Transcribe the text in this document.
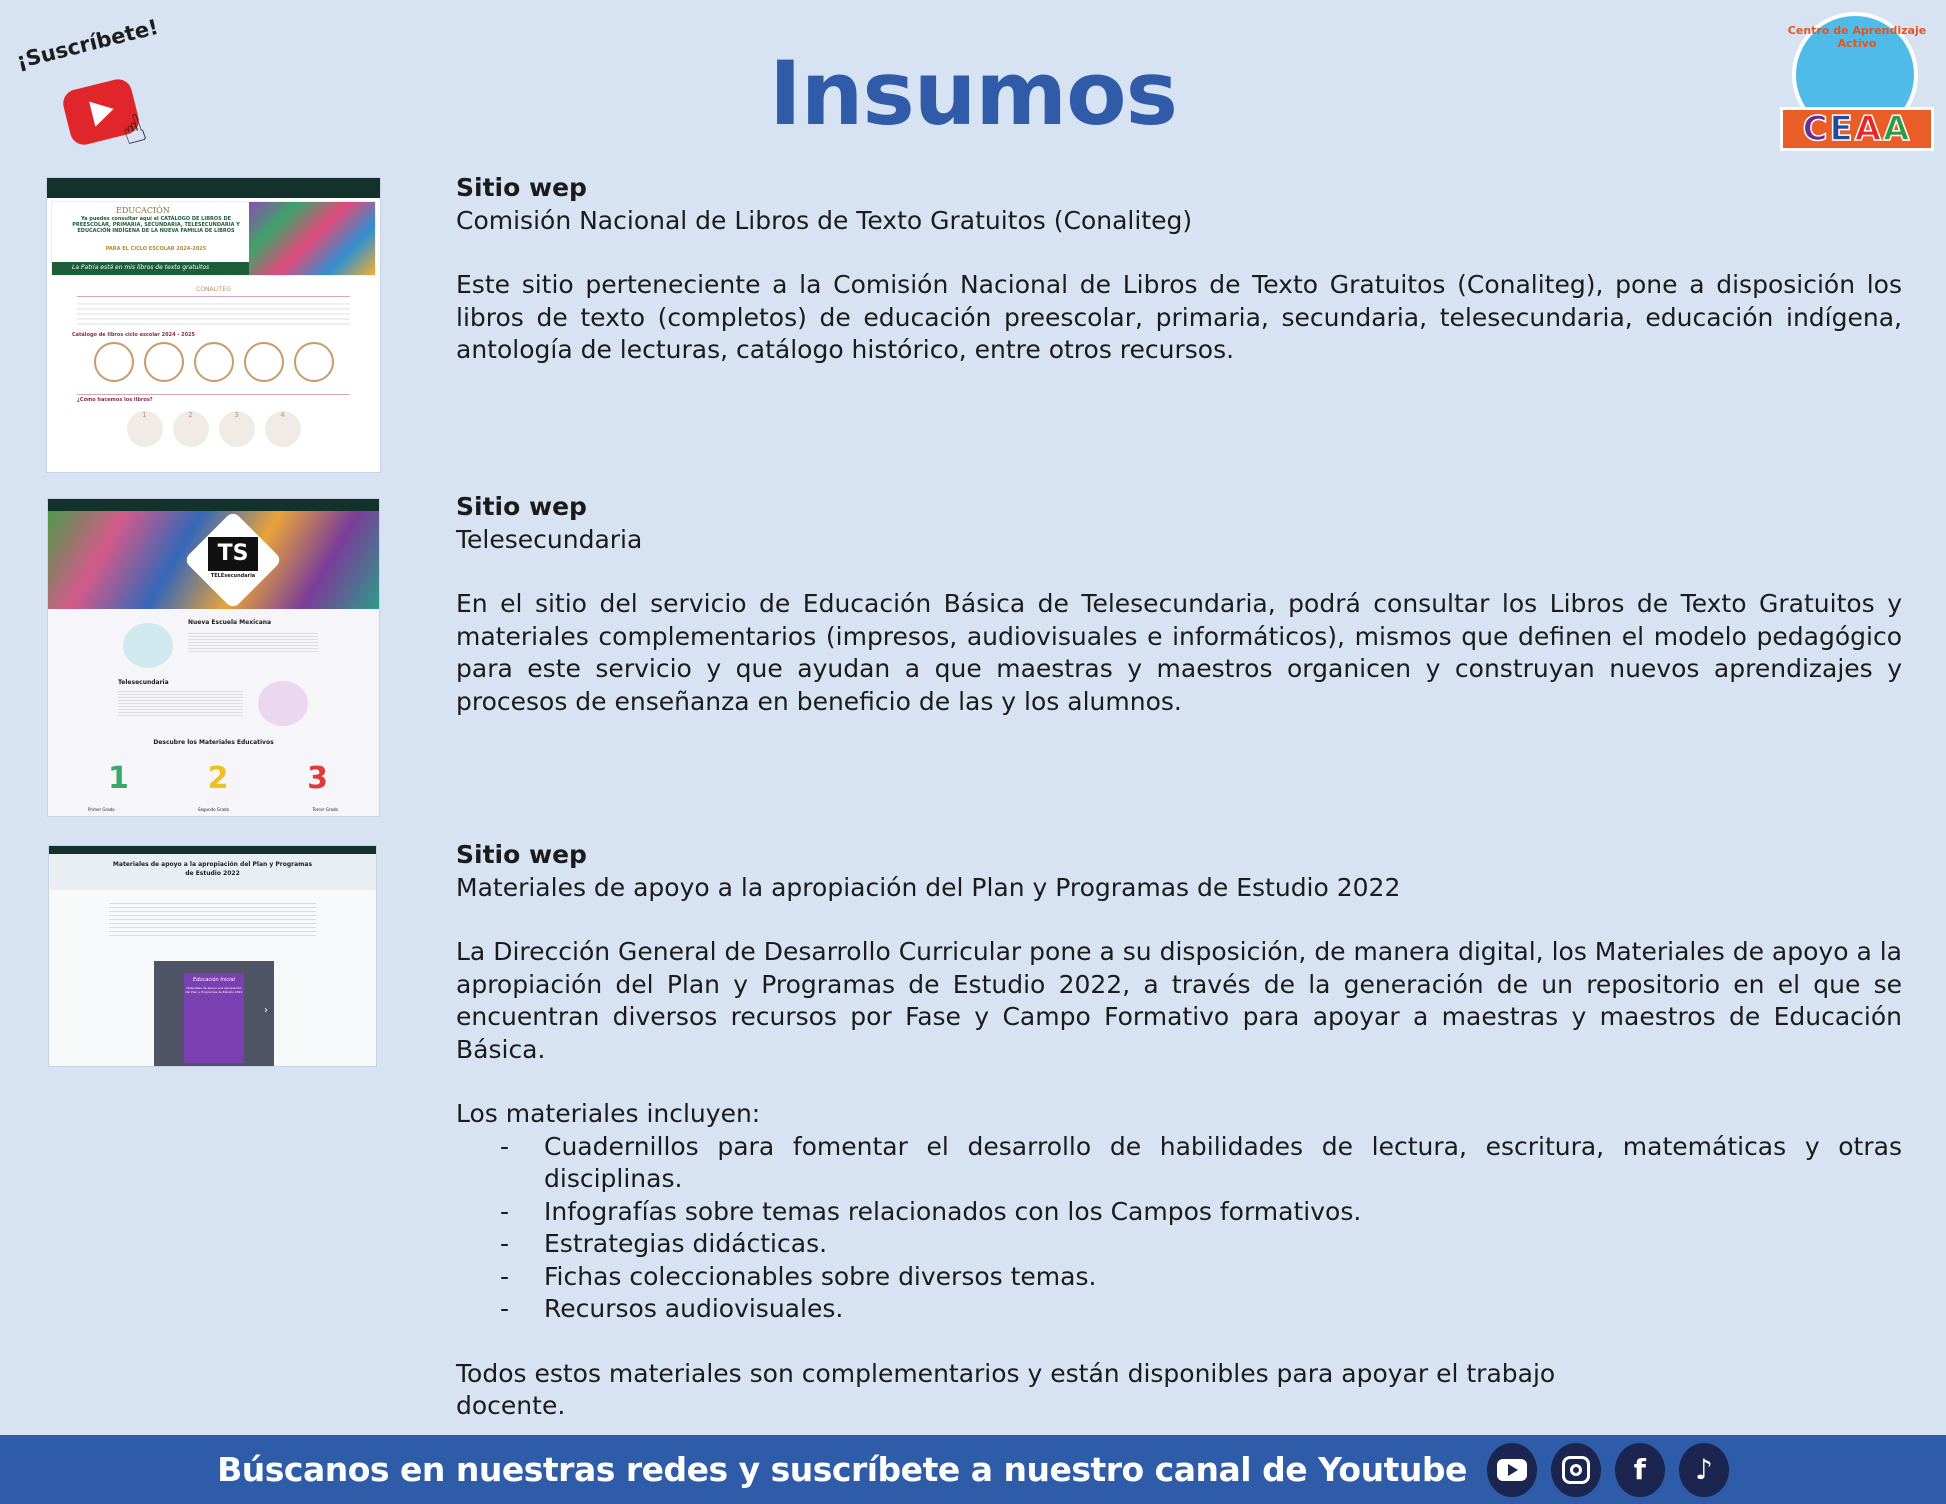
¡Suscríbete!
☝	Insumos
Centro de Aprendizaje Activo
CEAA
EDUCACIÓN
Ya puedes consultar aquí el CATÁLOGO DE LIBROS DE PREESCOLAR, PRIMARIA, SECUNDARIA, TELESECUNDARIA Y EDUCACIÓN INDÍGENA DE LA NUEVA FAMILIA DE LIBROS
PARA EL CICLO ESCOLAR 2024-2025
La Patria está en mis libros de texto gratuitos
CONALITEG
Catálogo de libros ciclo escolar 2024 - 2025
¿Cómo hacemos los libros?
1	2	3	4
TS
TELEsecundaria
Nueva Escuela Mexicana
Telesecundaria
Descubre los Materiales Educativos
1	2	3
Primer Grado	Segundo Grado	Tercer Grado
Materiales de apoyo a la apropiación del Plan y Programas de Estudio 2022
Educación Inicial
Materiales de apoyo a la apropiación del Plan y Programas de Estudio 2022
›
Sitio wep
Comisión Nacional de Libros de Texto Gratuitos (Conaliteg)

Este sitio perteneciente a la Comisión Nacional de Libros de Texto Gratuitos (Conaliteg), pone a disposición los libros de texto (completos) de educación preescolar, primaria, secundaria, telesecundaria, educación indígena, antología de lecturas, catálogo histórico, entre otros recursos.

Sitio wep
Telesecundaria

En el sitio del servicio de Educación Básica de Telesecundaria, podrá consultar los Libros de Texto Gratuitos y materiales complementarios (impresos, audiovisuales e informáticos), mismos que definen el modelo pedagógico para este servicio y que ayudan a que maestras y maestros organicen y construyan nuevos aprendizajes y procesos de enseñanza en beneficio de las y los alumnos.

Sitio wep
Materiales de apoyo a la apropiación del Plan y Programas de Estudio 2022

La Dirección General de Desarrollo Curricular pone a su disposición, de manera digital, los Materiales de apoyo a la apropiación del Plan y Programas de Estudio 2022, a través de la generación de un repositorio en el que se encuentran diversos recursos por Fase y Campo Formativo para apoyar a maestras y maestros de Educación Básica.

Los materiales incluyen:
- Cuadernillos para fomentar el desarrollo de habilidades de lectura, escritura, matemáticas y otras disciplinas.
- Infografías sobre temas relacionados con los Campos formativos.
- Estrategias didácticas.
- Fichas coleccionables sobre diversos temas.
- Recursos audiovisuales.
Todos estos materiales son complementarios y están disponibles para apoyar el trabajo docente.
Búscanos en nuestras redes y suscríbete a nuestro canal de Youtube	f	♪
